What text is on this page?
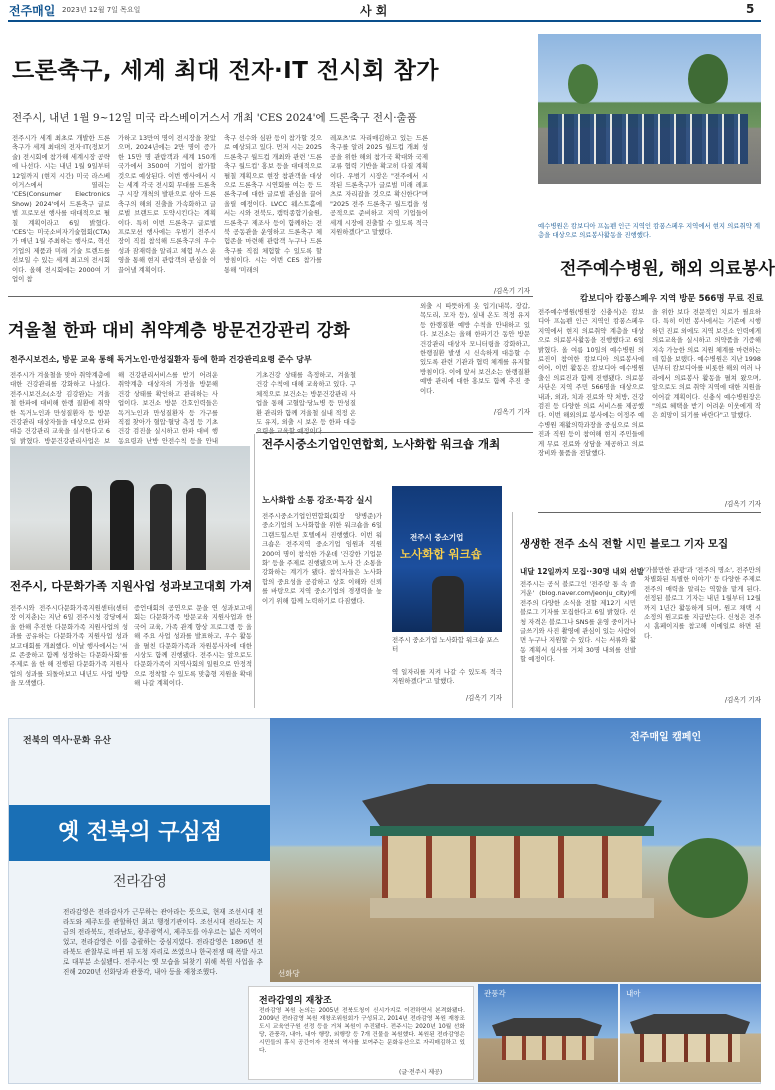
전주매일 2023년 12월 7일 목요일	사 회	5
드론축구, 세계 최대 전자·IT 전시회 참가
전주시, 내년 1월 9~12일 미국 라스베이거스서 개최 'CES 2024'에 드론축구 전시·출품
전주시가 세계 최초로 개발한 드론축구가 세계 최대의 전자·IT(정보기술) 전시회에 참가해 세계시장 공략에 나선다. 시는 내년 1월 9일부터 12일까지 (현지 시간) 미국 라스베이거스에서 열리는 'CES(Consumer Electronics Show) 2024'에서 드론축구 글로벌 프로모션 행사를 대대적으로 펼칠 계획이라고 6일 밝혔다. 'CES'는 미국소비자기술협회(CTA)가 매년 1월 주최하는 행사로, 혁신기업의 제품과 미래 기술 트렌드를 선보일 수 있는 세계 최고의 전시회이다. 올해 전시회에는 2000여 기업이 참
가하고 13만여 명이 전시장을 찾았으며, 2024년에는 2만 명이 증가한 15만 명 관람객과 세계 150개 국가에서 3500여 기업이 참가할 것으로 예상된다. 이번 행사에서 시는 세계 각국 전시회 무대를 드론축구 시장 개척의 발판으로 삼아 드론축구의 해외 진출을 가속화하고 글로벌 브랜드로 도약시킨다는 계획이다. 특히 이번 드론축구 글로벌 프로모션 행사에는 우범기 전주시장이 직접 참석해 드론축구의 우수성과 잠재력을 알리고 체험 부스 운영을 통해 현지 관람객의 관심을 이끌어낼 계획이다.
축구 선수와 심판 등이 참가할 것으로 예상되고 있다. 먼저 시는 2025 드론축구 월드컵 개최와 관련 '드론축구 월드컵' 홍보 등을 대대적으로 펼칠 계획으로 현장 참관객을 대상으로 드론축구 시연회를 여는 등 드론축구에 대한 글로벌 관심을 끌어올릴 예정이다. LVCC 웨스트홀에서는 시와 전북도, 캠틱종합기술원, 드론축구 제조사 등이 함께하는 전북 공동관을 운영하고 드론축구 체험존을 마련해 관람객 누구나 드론축구를 직접 체험할 수 있도록 할 방침이다. 시는 이번 CES 참가를 통해 '미래의
레포츠'로 자리매김하고 있는 드론축구를 알려 2025 월드컵 개최 성공을 위한 해외 참가국 확대와 국제 교류 협력 기반을 확고히 다질 계획이다. 우범기 시장은 "전주에서 시작된 드론축구가 글로벌 미래 레포츠로 자리잡을 것으로 확신한다"며 "2025 전주 드론축구 월드컵을 성공적으로 준비하고 지역 기업들이 세계 시장에 진출할 수 있도록 적극 지원하겠다"고 말했다.
/김옥기 기자
예수병원은 캄보디아 프놈펜 인근 지역인 캄퐁스페우 지역에서 현지 의료취약 계층을 대상으로 의료봉사활동을 진행했다.
전주예수병원, 해외 의료봉사
캄보디아 캄퐁스페우 지역 방문 566명 무료 진료
전주예수병원(병원장 신충식)은 캄보디아 프놈펜 인근 지역인 캄퐁스페우 지역에서 현지 의료취약 계층을 대상으로 의료봉사활동을 진행했다고 6일 밝혔다. 올 여름 10일의 예수병원 의료진이 참여한 캄보디아 의료봉사에 이어, 이번 활동은 캄보디아 예수병원 출신 의료진과 함께 진행됐다. 의료봉사단은 지역 주민 566명을 대상으로 내과, 외과, 치과 진료와 약 처방, 건강검진 등 다양한 의료 서비스를 제공했다. 이번 해외의료 봉사에는 이정주 예수병원 재활의학과장을 중심으로 의료진과 직원 등이 참여해 현지 주민들에게 무료 진료와 상담을 제공하고 의료 장비와 물품을 전달했다.
을 위한 보다 전문적인 치료가 필요하다. 특히 이번 봉사에서는 기존에 시행하던 진료 외에도 지역 보건소 인력에게 의료교육을 실시하고 의약품을 기증해 지속 가능한 의료 지원 체계를 마련하는 데 힘을 보탰다. 예수병원은 지난 1998년부터 캄보디아를 비롯한 해외 여러 나라에서 의료봉사 활동을 펼쳐 왔으며, 앞으로도 의료 취약 지역에 대한 지원을 이어갈 계획이다. 신충식 예수병원장은 "의료 혜택을 받기 어려운 이웃에게 작은 희망이 되기를 바란다"고 말했다.
/김옥기 기자
겨울철 한파 대비 취약계층 방문건강관리 강화
전주시보건소, 방문 교육 통해 독거노인·만성질환자 등에 한파 건강관리요령 준수 당부
전주시가 겨울철을 맞아 취약계층에 대한 건강관리를 강화하고 나섰다. 전주시보건소(소장 김강완)는 겨울철 한파에 대비해 한랭 질환에 취약한 독거노인과 만성질환자 등 방문건강관리 대상자들을 대상으로 한파 대응 건강관리 교육을 실시한다고 6일 밝혔다. 방문건강관리사업은 보
해 건강관리서비스를 받기 어려운 취약계층 대상자의 가정을 방문해 건강 상태를 확인하고 관리하는 사업이다. 보건소 방문 간호인력들은 독거노인과 만성질환자 등 가구를 직접 찾아가 혈압·혈당 측정 등 기초 건강 검진을 실시하고 한파 대비 행동요령과 난방 안전수칙 등을 안내
기초건강 상태를 측정하고, 겨울철 건강 수칙에 대해 교육하고 있다. 구체적으로 보건소는 방문건강관리 사업을 통해 고혈압·당뇨병 등 만성질환 관리와 함께 겨울철 실내 적정 온도 유지, 외출 시 보온 등 한파 대응
외출 시 따뜻하게 옷 입기(내복, 장갑, 목도리, 모자 등), 실내 온도 적정 유지 등 한랭질환 예방 수칙을 안내하고 있다. 보건소는 올해 한파기간 동안 방문 건강관리 대상자 모니터링을 강화하고, 한랭질환 발생 시 신속하게 대응할 수 있도록 관련 기관과 협력 체계를 유지할 방침이다. 이에 앞서 보건소는 한랭질환 예방 관리에 대한 홍보도 함께 추진 중이다.
/김옥기 기자
전주시, 다문화가족 지원사업 성과보고대회 가져
전주시와 전주시다문화가족지원센터(센터장 이지춘)는 지난 6일 전주시청 강당에서 올 한해 추진한 다문화가족 지원사업의 성과를 공유하는 다문화가족 지원사업 성과보고대회를 개최했다. 이날 행사에서는 '서로 존중하고 함께 성장하는 다문화사회'를 주제로 올 한 해 진행된 다문화가족 지원사업의 성과를 되돌아보고 내년도 사업 방향을 모색했다.
증언대회의 공연으로 문을 연 성과보고대회는 다문화가족 방문교육 지원사업과 한국어 교육, 가족 관계 향상 프로그램 등 올해 주요 사업 성과를 발표하고, 우수 활동을 펼친 다문화가족과 자원봉사자에 대한 시상도 함께 진행됐다. 전주시는 앞으로도 다문화가족이 지역사회의 일원으로 안정적으로 정착할 수 있도록 맞춤형 지원을 확대해 나갈 계획이다.
전주시중소기업인연합회, 노사화합 워크숍 개최
노사화합 소통 강조·특강 실시
전주시중소기업인연합회(회장 양병준)가 중소기업의 노사화합을 위한 워크숍을 6일 그랜드힐스턴 호텔에서 진행했다. 이번 워크숍은 전주지역 중소기업 임원과 직원 200여 명이 참석한 가운데 '건강한 기업문화' 등을 주제로 진행됐으며 노사 간 소통을 강화하는 계기가 됐다. 참석자들은 노사화합의 중요성을 공감하고 상호 이해와 신뢰를 바탕으로 지역 중소기업의 경쟁력을 높이기 위해 함께 노력하기로 다짐했다.
전주시 중소기업
노사화합 워크숍
전주시 중소기업 노사화합 워크숍 포스터
역 일자리를 지켜 나갈 수 있도록 적극 지원하겠다"고 말했다.
/김옥기 기자
생생한 전주 소식 전할 시민 블로그 기자 모집
내달 12일까지 모집··30명 내외 선발
전주시는 공식 블로그인 '전주랑 통 속 즐거운' (blog.naver.com/jeonju_city)에 전주의 다양한 소식을 전할 제12기 시민 블로그 기자를 모집한다고 6일 밝혔다. 신청 자격은 블로그나 SNS를 운영 중이거나 글쓰기와 사진 촬영에 관심이 있는 사람이면 누구나 지원할 수 있다. 시는 서류와 활동 계획서 심사를 거쳐 30명 내외를 선발할 예정이다.
'가볼만한 관광'과 '전주의 명소', 전주만의 차별화된 특별한 이야기' 등 다양한 주제로 전주의 매력을 알리는 역할을 맡게 된다. 선정된 블로그 기자는 내년 1월부터 12월까지 1년간 활동하게 되며, 원고 채택 시 소정의 원고료를 지급받는다. 신청은 전주시 홈페이지를 참고해 이메일로 하면 된다.
/김옥기 기자
전북의 역사·문화 유산
옛 전북의 구심점
전라감영
전라감영은 전라감사가 근무하는 관아라는 뜻으로, 현재 조선시대 전라도와 제주도를 관할하던 최고 행정기관이다. 조선시대 전라도는 지금의 전라북도, 전라남도, 광주광역시, 제주도를 아우르는 넓은 지역이었고, 전라감영은 이를 총괄하는 중심지였다. 전라감영은 1896년 전라북도 관찰부로 바뀐 뒤 도청 자리로 쓰였으나 한국전쟁 때 폭발 사고로 대부분 소실됐다. 전주시는 옛 모습을 되찾기 위해 복원 사업을 추진해 2020년 선화당과 관풍각, 내아 등을 재창조했다.
전주매일 캠페인
선화당
전라감영의 재창조
전라감영 복원 논의는 2005년 전북도청이 신시가지로 이전하면서 본격화됐다. 2009년 전라감영 복원 재창조위원회가 구성되고, 2014년 전라감영 복원 재창조 도시 교육연구원 선정 등을 거쳐 복원이 추진됐다. 전주시는 2020년 10월 선화당, 관풍각, 내아, 내아 행랑, 외행랑 등 7개 건물을 복원했다. 복원된 전라감영은 시민들의 휴식 공간이자 전북의 역사를 보여주는 문화유산으로 자리매김하고 있다.
(글·전주시 제공)
관풍각	내아
